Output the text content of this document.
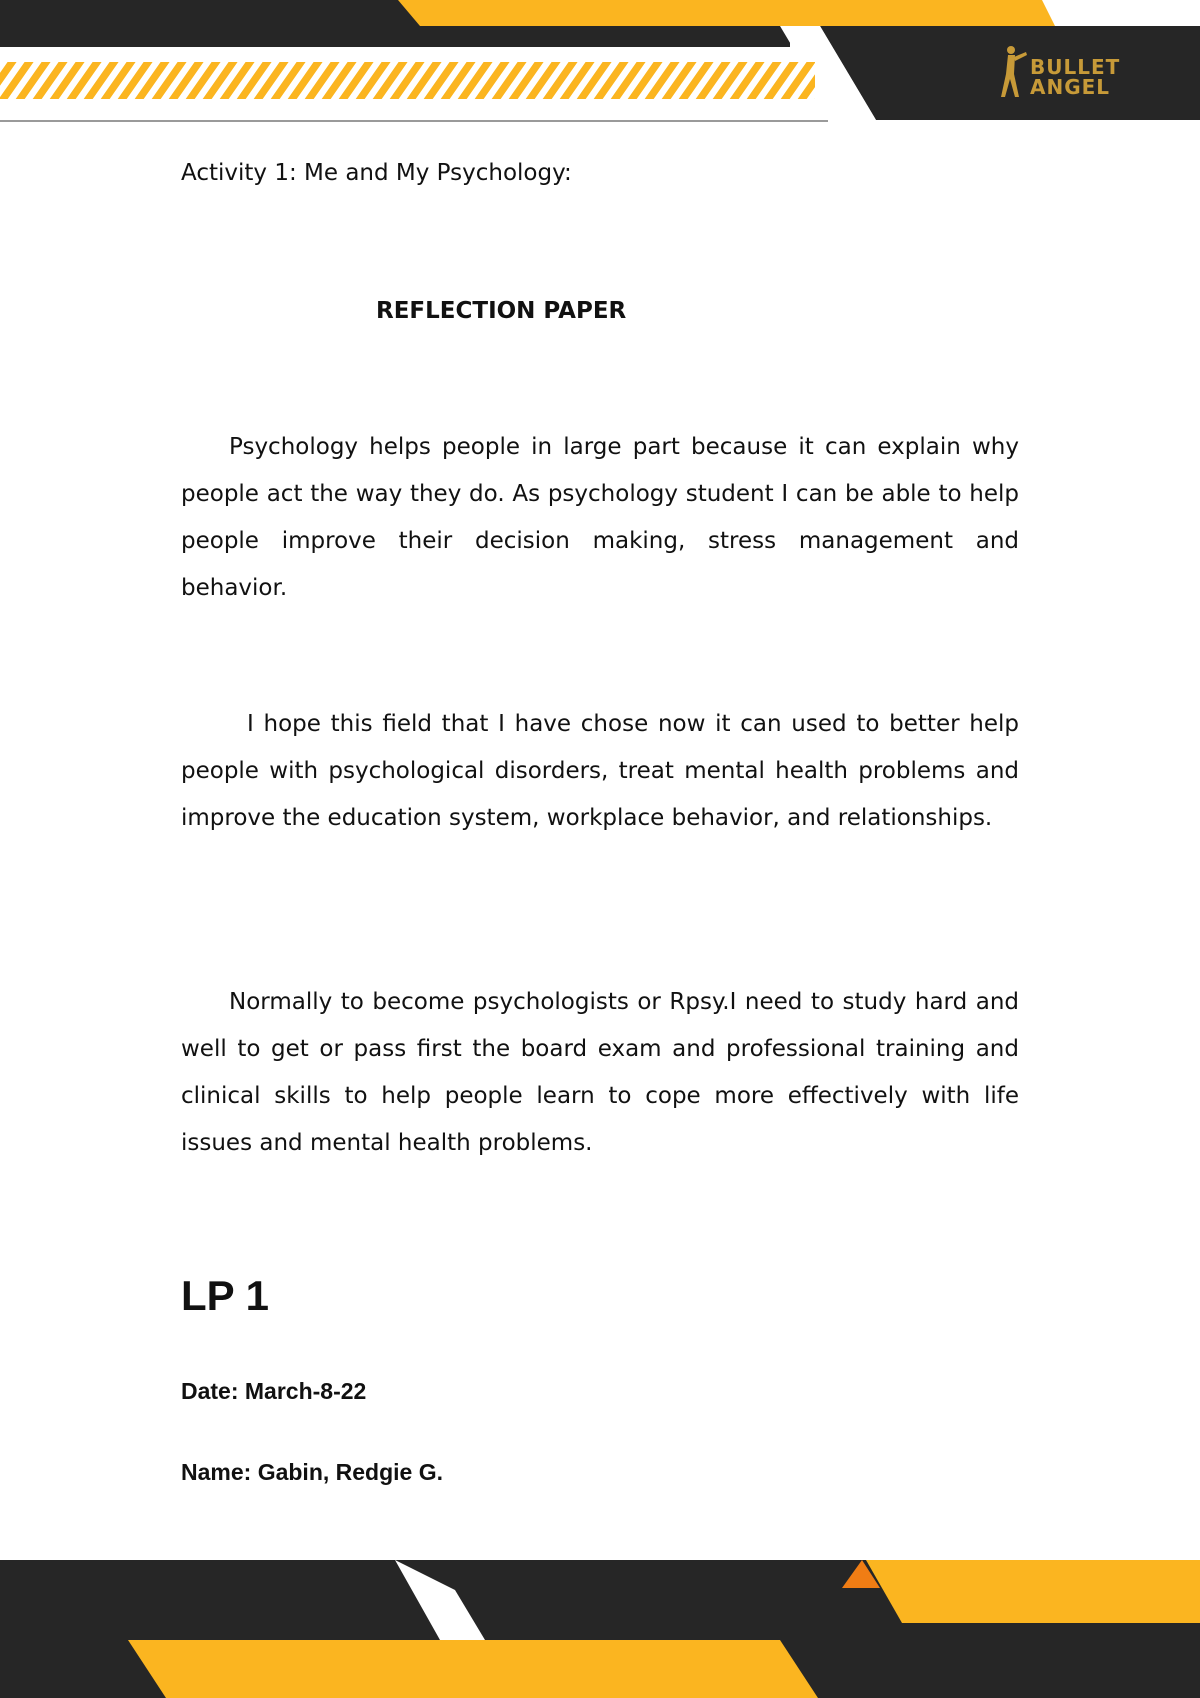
BULLET
ANGEL
Activity 1: Me and My Psychology:
REFLECTION PAPER

Psychology helps people in large part because it can explain why people act the way they do. As psychology student I can be able to help people improve their decision making, stress management and behavior.

I hope this field that I have chose now it can used to better help people with psychological disorders, treat mental health problems and improve the education system, workplace behavior, and relationships.

Normally to become psychologists or Rpsy.I need to study hard and well to get or pass first the board exam and professional training and clinical skills to help people learn to cope more effectively with life issues and mental health problems.

LP 1
Date: March-8-22
Name: Gabin, Redgie G.
